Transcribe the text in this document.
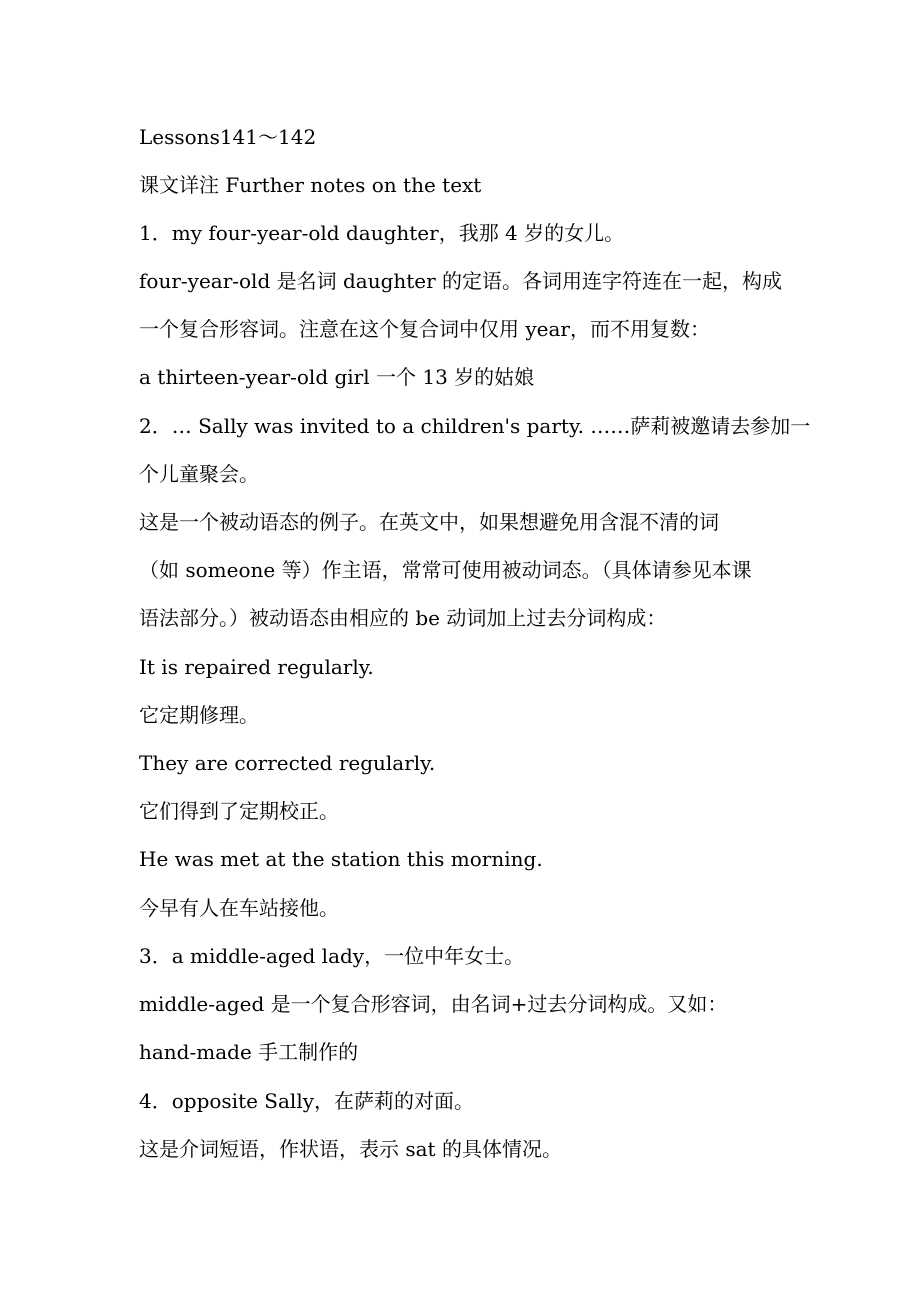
Lessons141～142
课文详注 Further notes on the text
1．my four-year-old daughter，我那 4 岁的女儿。
four-year-old 是名词 daughter 的定语。各词用连字符连在一起，构成
一个复合形容词。注意在这个复合词中仅用 year，而不用复数：
a thirteen-year-old girl 一个 13 岁的姑娘
2．… Sally was invited to a children's party. ……萨莉被邀请去参加一
个儿童聚会。
这是一个被动语态的例子。在英文中，如果想避免用含混不清的词
（如 someone 等）作主语，常常可使用被动词态。（具体请参见本课
语法部分。）被动语态由相应的 be 动词加上过去分词构成：
It is repaired regularly.
它定期修理。
They are corrected regularly.
它们得到了定期校正。
He was met at the station this morning.
今早有人在车站接他。
3．a middle-aged lady，一位中年女士。
middle-aged 是一个复合形容词，由名词+过去分词构成。又如：
hand-made 手工制作的
4．opposite Sally，在萨莉的对面。
这是介词短语，作状语，表示 sat 的具体情况。
